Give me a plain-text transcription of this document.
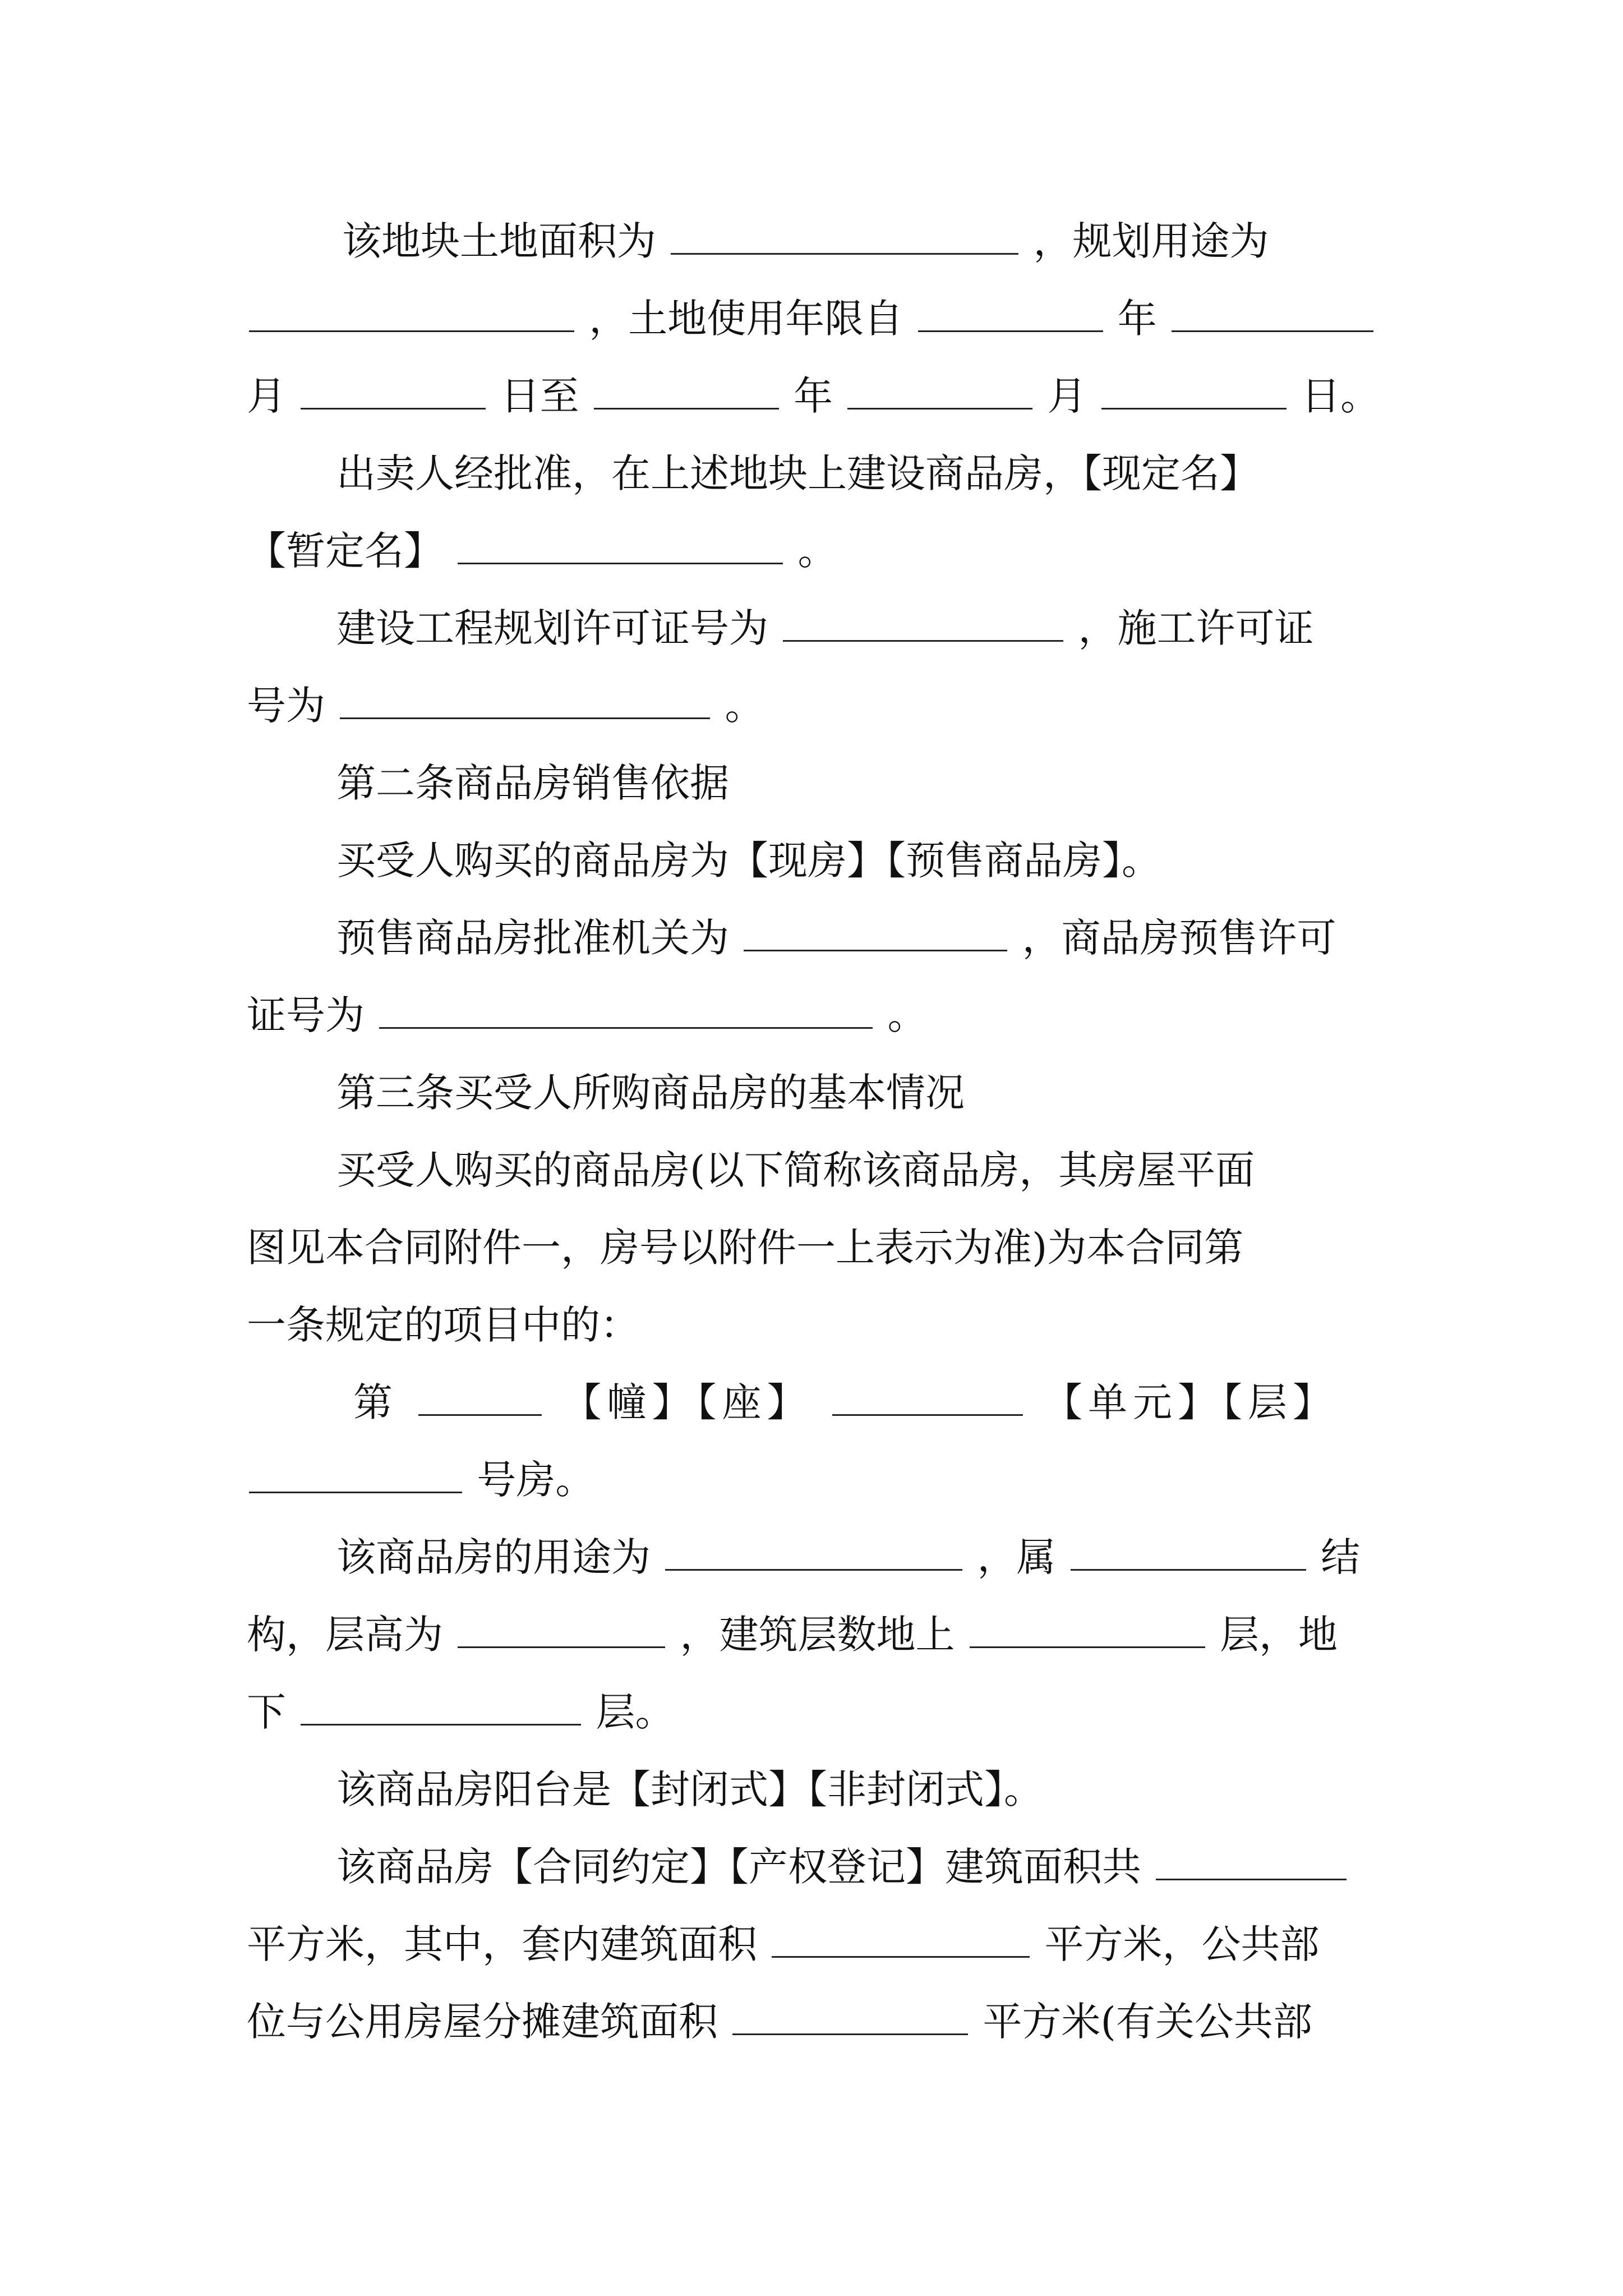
该地块土地面积为	，规划用途为
，土地使用年限自	年
月	日至	年	月	日。
出卖人经批准，在上述地块上建设商品房，【现定名】
【暂定名】	。
建设工程规划许可证号为	，施工许可证
号为	。
第二条商品房销售依据
买受人购买的商品房为【现房】【预售商品房】。
预售商品房批准机关为	，商品房预售许可
证号为	。
第三条买受人所购商品房的基本情况
买受人购买的商品房(以下简称该商品房，其房屋平面
图见本合同附件一，房号以附件一上表示为准)为本合同第
一条规定的项目中的：
第	【幢】【座】	【单元】【层】
号房。
该商品房的用途为	，属	结
构，层高为	，建筑层数地上	层，地
下	层。
该商品房阳台是【封闭式】【非封闭式】。
该商品房【合同约定】【产权登记】建筑面积共
平方米，其中，套内建筑面积	平方米，公共部
位与公用房屋分摊建筑面积	平方米(有关公共部
